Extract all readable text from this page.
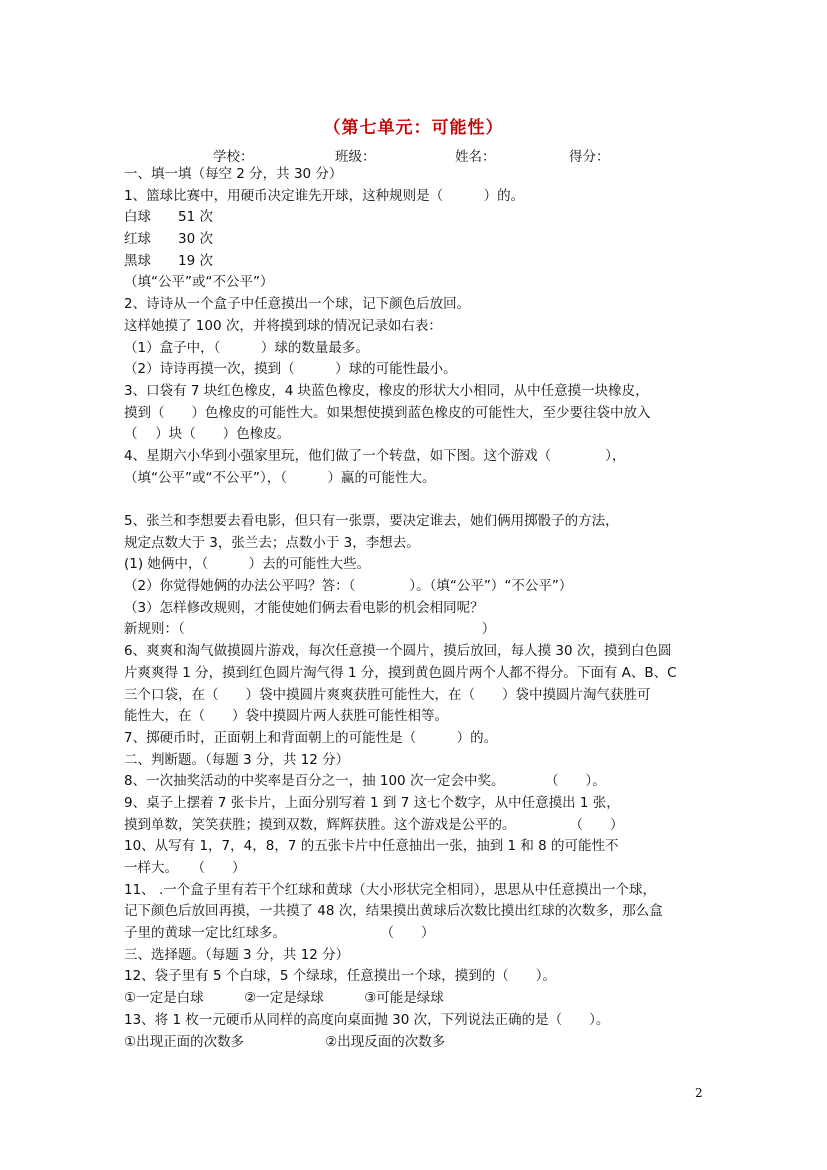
（第七单元：可能性）
学校：	班级：	姓名：	得分：
一、填一填（每空 2 分，共 30 分）
1、篮球比赛中，用硬币决定谁先开球，这种规则是（　　　）的。
白球　　51 次
红球　　30 次
黑球　　19 次
（填“公平”或“不公平”）
2、诗诗从一个盒子中任意摸出一个球，记下颜色后放回。
这样她摸了 100 次，并将摸到球的情况记录如右表：
（1）盒子中，（　　　）球的数量最多。
（2）诗诗再摸一次，摸到（　　　）球的可能性最小。
3、口袋有 7 块红色橡皮，4 块蓝色橡皮，橡皮的形状大小相同，从中任意摸一块橡皮，
摸到（　　）色橡皮的可能性大。如果想使摸到蓝色橡皮的可能性大，至少要往袋中放入
（　 ）块（　　）色橡皮。
4、星期六小华到小强家里玩，他们做了一个转盘，如下图。这个游戏（　　　　），
（填“公平”或“不公平”），（　　　）赢的可能性大。
5、张兰和李想要去看电影，但只有一张票，要决定谁去，她们俩用掷骰子的方法，
规定点数大于 3，张兰去；点数小于 3，李想去。
(1) 她俩中，（　　　）去的可能性大些。
（2）你觉得她俩的办法公平吗？答：（　　　　）。（填“公平”）“不公平”）
（3）怎样修改规则，才能使她们俩去看电影的机会相同呢？
新规则：（　　　　　　　　　　　　　　　　　　　　　　）
6、爽爽和淘气做摸圆片游戏，每次任意摸一个圆片，摸后放回，每人摸 30 次，摸到白色圆
片爽爽得 1 分，摸到红色圆片淘气得 1 分，摸到黄色圆片两个人都不得分。下面有 A、B、C
三个口袋，在（　　）袋中摸圆片爽爽获胜可能性大，在（　　）袋中摸圆片淘气获胜可
能性大，在（　　）袋中摸圆片两人获胜可能性相等。
7、掷硬币时，正面朝上和背面朝上的可能性是（　　　）的。
二、判断题。（每题 3 分，共 12 分）
8、一次抽奖活动的中奖率是百分之一，抽 100 次一定会中奖。　　　　（　　）。
9、桌子上摆着 7 张卡片，上面分别写着 1 到 7 这七个数字，从中任意摸出 1 张，
摸到单数，笑笑获胜；摸到双数，辉辉获胜。这个游戏是公平的。　　　　　（　　）
10、从写有 1，7，4，8，7 的五张卡片中任意抽出一张，抽到 1 和 8 的可能性不
一样大。　　（　　）
11、 .一个盒子里有若干个红球和黄球（大小形状完全相同），思思从中任意摸出一个球，
记下颜色后放回再摸，一共摸了 48 次，结果摸出黄球后次数比摸出红球的次数多，那么盒
子里的黄球一定比红球多。　　　　　　　　（　　）
三、选择题。（每题 3 分，共 12 分）
12、袋子里有 5 个白球，5 个绿球，任意摸出一个球，摸到的（　　）。
①一定是白球　　　②一定是绿球　　　③可能是绿球
13、将 1 枚一元硬币从同样的高度向桌面抛 30 次，下列说法正确的是（　　）。
①出现正面的次数多　　　　　　②出现反面的次数多
2
